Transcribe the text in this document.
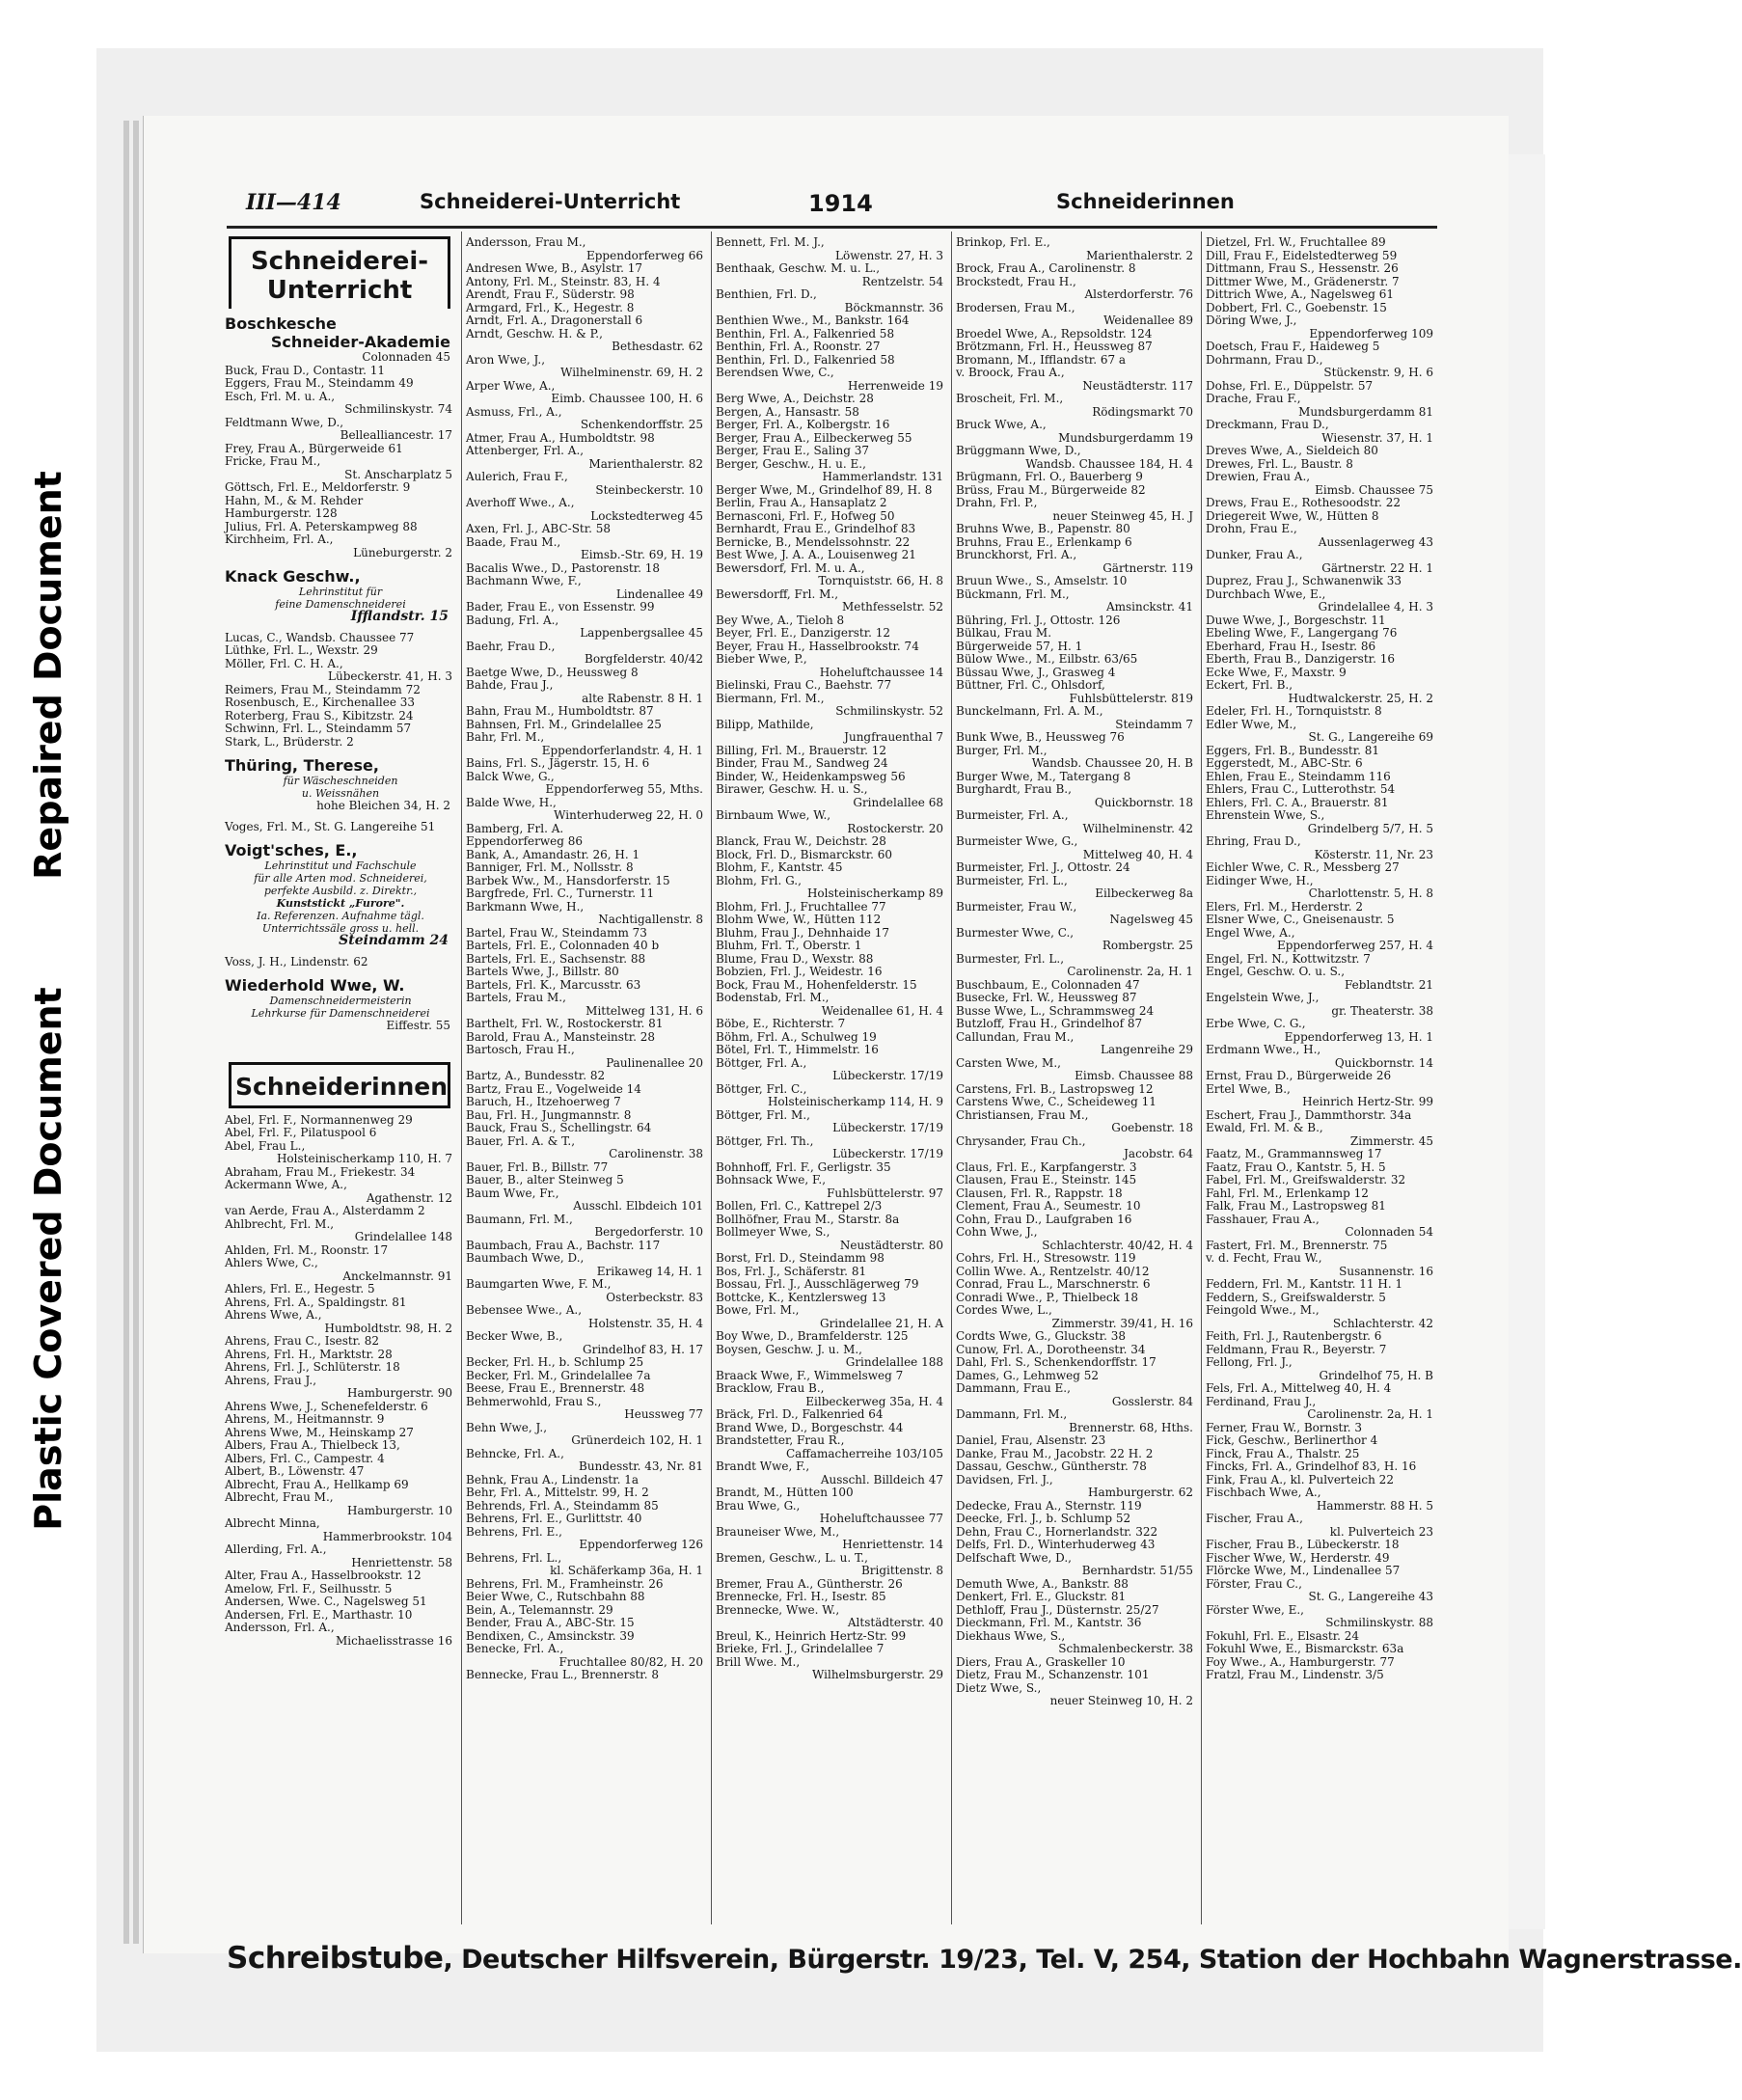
Repaired Document
Plastic Covered Document
III—414	Schneiderei-Unterricht	1914	Schneiderinnen
Schneiderei-
Unterricht
Boschkesche
Schneider-Akademie
Colonnaden 45
Buck, Frau D., Contastr. 11
Eggers, Frau M., Steindamm 49
Esch, Frl. M. u. A.,
Schmilinskystr. 74
Feldtmann Wwe, D.,
Bellealliancestr. 17
Frey, Frau A., Bürgerweide 61
Fricke, Frau M.,
St. Anscharplatz 5
Göttsch, Frl. E., Meldorferstr. 9
Hahn, M., & M. Rehder
Hamburgerstr. 128
Julius, Frl. A. Peterskampweg 88
Kirchheim, Frl. A.,
Lüneburgerstr. 2
Knack Geschw.,
Lehrinstitut für
feine Damenschneiderei
Ifflandstr. 15
Lucas, C., Wandsb. Chaussee 77
Lüthke, Frl. L., Wexstr. 29
Möller, Frl. C. H. A.,
Lübeckerstr. 41, H. 3
Reimers, Frau M., Steindamm 72
Rosenbusch, E., Kirchenallee 33
Roterberg, Frau S., Kibitzstr. 24
Schwinn, Frl. L., Steindamm 57
Stark, L., Brüderstr. 2
Thüring, Therese,
für Wäscheschneiden
u. Weissnähen
hohe Bleichen 34, H. 2
Voges, Frl. M., St. G. Langereihe 51
Voigt'sches, E.,
Lehrinstitut und Fachschule
für alle Arten mod. Schneiderei,
perfekte Ausbild. z. Direktr.,
Kunststickt „Furore".
Ia. Referenzen. Aufnahme tägl.
Unterrichtssäle gross u. hell.
Steindamm 24
Voss, J. H., Lindenstr. 62
Wiederhold Wwe, W.
Damenschneidermeisterin
Lehrkurse für Damenschneiderei
Eiffestr. 55
Schneiderinnen
Abel, Frl. F., Normannenweg 29
Abel, Frl. F., Pilatuspool 6
Abel, Frau L.,
Holsteinischerkamp 110, H. 7
Abraham, Frau M., Friekestr. 34
Ackermann Wwe, A.,
Agathenstr. 12
van Aerde, Frau A., Alsterdamm 2
Ahlbrecht, Frl. M.,
Grindelallee 148
Ahlden, Frl. M., Roonstr. 17
Ahlers Wwe, C.,
Anckelmannstr. 91
Ahlers, Frl. E., Hegestr. 5
Ahrens, Frl. A., Spaldingstr. 81
Ahrens Wwe, A.,
Humboldtstr. 98, H. 2
Ahrens, Frau C., Isestr. 82
Ahrens, Frl. H., Marktstr. 28
Ahrens, Frl. J., Schlüterstr. 18
Ahrens, Frau J.,
Hamburgerstr. 90
Ahrens Wwe, J., Schenefelderstr. 6
Ahrens, M., Heitmannstr. 9
Ahrens Wwe, M., Heinskamp 27
Albers, Frau A., Thielbeck 13,
Albers, Frl. C., Campestr. 4
Albert, B., Löwenstr. 47
Albrecht, Frau A., Hellkamp 69
Albrecht, Frau M.,
Hamburgerstr. 10
Albrecht Minna,
Hammerbrookstr. 104
Allerding, Frl. A.,
Henriettenstr. 58
Alter, Frau A., Hasselbrookstr. 12
Amelow, Frl. F., Seilhusstr. 5
Andersen, Wwe. C., Nagelsweg 51
Andersen, Frl. E., Marthastr. 10
Andersson, Frl. A.,
Michaelisstrasse 16
Andersson, Frau M.,
Eppendorferweg 66
Andresen Wwe, B., Asylstr. 17
Antony, Frl. M., Steinstr. 83, H. 4
Arendt, Frau F., Süderstr. 98
Armgard, Frl., K., Hegestr. 8
Arndt, Frl. A., Dragonerstall 6
Arndt, Geschw. H. & P.,
Bethesdastr. 62
Aron Wwe, J.,
Wilhelminenstr. 69, H. 2
Arper Wwe, A.,
Eimb. Chaussee 100, H. 6
Asmuss, Frl., A.,
Schenkendorffstr. 25
Atmer, Frau A., Humboldtstr. 98
Attenberger, Frl. A.,
Marienthalerstr. 82
Aulerich, Frau F.,
Steinbeckerstr. 10
Averhoff Wwe., A.,
Lockstedterweg 45
Axen, Frl. J., ABC-Str. 58
Baade, Frau M.,
Eimsb.-Str. 69, H. 19
Bacalis Wwe., D., Pastorenstr. 18
Bachmann Wwe, F.,
Lindenallee 49
Bader, Frau E., von Essenstr. 99
Badung, Frl. A.,
Lappenbergsallee 45
Baehr, Frau D.,
Borgfelderstr. 40/42
Baetge Wwe, D., Heussweg 8
Bahde, Frau J.,
alte Rabenstr. 8 H. 1
Bahn, Frau M., Humboldtstr. 87
Bahnsen, Frl. M., Grindelallee 25
Bahr, Frl. M.,
Eppendorferlandstr. 4, H. 1
Bains, Frl. S., Jägerstr. 15, H. 6
Balck Wwe, G.,
Eppendorferweg 55, Mths.
Balde Wwe, H.,
Winterhuderweg 22, H. 0
Bamberg, Frl. A.
Eppendorferweg 86
Bank, A., Amandastr. 26, H. 1
Banniger, Frl. M., Nollsstr. 8
Barbek Ww., M., Hansdorferstr. 15
Bargfrede, Frl. C., Turnerstr. 11
Barkmann Wwe, H.,
Nachtigallenstr. 8
Bartel, Frau W., Steindamm 73
Bartels, Frl. E., Colonnaden 40 b
Bartels, Frl. E., Sachsenstr. 88
Bartels Wwe, J., Billstr. 80
Bartels, Frl. K., Marcusstr. 63
Bartels, Frau M.,
Mittelweg 131, H. 6
Barthelt, Frl. W., Rostockerstr. 81
Barold, Frau A., Mansteinstr. 28
Bartosch, Frau H.,
Paulinenallee 20
Bartz, A., Bundesstr. 82
Bartz, Frau E., Vogelweide 14
Baruch, H., Itzehoerweg 7
Bau, Frl. H., Jungmannstr. 8
Bauck, Frau S., Schellingstr. 64
Bauer, Frl. A. & T.,
Carolinenstr. 38
Bauer, Frl. B., Billstr. 77
Bauer, B., alter Steinweg 5
Baum Wwe, Fr.,
Ausschl. Elbdeich 101
Baumann, Frl. M.,
Bergedorferstr. 10
Baumbach, Frau A., Bachstr. 117
Baumbach Wwe, D.,
Erikaweg 14, H. 1
Baumgarten Wwe, F. M.,
Osterbeckstr. 83
Bebensee Wwe., A.,
Holstenstr. 35, H. 4
Becker Wwe, B.,
Grindelhof 83, H. 17
Becker, Frl. H., b. Schlump 25
Becker, Frl. M., Grindelallee 7a
Beese, Frau E., Brennerstr. 48
Behmerwohld, Frau S.,
Heussweg 77
Behn Wwe, J.,
Grünerdeich 102, H. 1
Behncke, Frl. A.,
Bundesstr. 43, Nr. 81
Behnk, Frau A., Lindenstr. 1a
Behr, Frl. A., Mittelstr. 99, H. 2
Behrends, Frl. A., Steindamm 85
Behrens, Frl. E., Gurlittstr. 40
Behrens, Frl. E.,
Eppendorferweg 126
Behrens, Frl. L.,
kl. Schäferkamp 36a, H. 1
Behrens, Frl. M., Framheinstr. 26
Beier Wwe, C., Rutschbahn 88
Bein, A., Telemannstr. 29
Bender, Frau A., ABC-Str. 15
Bendixen, C., Amsinckstr. 39
Benecke, Frl. A.,
Fruchtallee 80/82, H. 20
Bennecke, Frau L., Brennerstr. 8
Bennett, Frl. M. J.,
Löwenstr. 27, H. 3
Benthaak, Geschw. M. u. L.,
Rentzelstr. 54
Benthien, Frl. D.,
Böckmannstr. 36
Benthien Wwe., M., Bankstr. 164
Benthin, Frl. A., Falkenried 58
Benthin, Frl. A., Roonstr. 27
Benthin, Frl. D., Falkenried 58
Berendsen Wwe, C.,
Herrenweide 19
Berg Wwe, A., Deichstr. 28
Bergen, A., Hansastr. 58
Berger, Frl. A., Kolbergstr. 16
Berger, Frau A., Eilbeckerweg 55
Berger, Frau E., Saling 37
Berger, Geschw., H. u. E.,
Hammerlandstr. 131
Berger Wwe, M., Grindelhof 89, H. 8
Berlin, Frau A., Hansaplatz 2
Bernasconi, Frl. F., Hofweg 50
Bernhardt, Frau E., Grindelhof 83
Bernicke, B., Mendelssohnstr. 22
Best Wwe, J. A. A., Louisenweg 21
Bewersdorf, Frl. M. u. A.,
Tornquiststr. 66, H. 8
Bewersdorff, Frl. M.,
Methfesselstr. 52
Bey Wwe, A., Tieloh 8
Beyer, Frl. E., Danzigerstr. 12
Beyer, Frau H., Hasselbrookstr. 74
Bieber Wwe, P.,
Hoheluftchaussee 14
Bielinski, Frau C., Baehstr. 77
Biermann, Frl. M.,
Schmilinskystr. 52
Bilipp, Mathilde,
Jungfrauenthal 7
Billing, Frl. M., Brauerstr. 12
Binder, Frau M., Sandweg 24
Binder, W., Heidenkampsweg 56
Birawer, Geschw. H. u. S.,
Grindelallee 68
Birnbaum Wwe, W.,
Rostockerstr. 20
Blanck, Frau W., Deichstr. 28
Block, Frl. D., Bismarckstr. 60
Blohm, F., Kantstr. 45
Blohm, Frl. G.,
Holsteinischerkamp 89
Blohm, Frl. J., Fruchtallee 77
Blohm Wwe, W., Hütten 112
Bluhm, Frau J., Dehnhaide 17
Bluhm, Frl. T., Oberstr. 1
Blume, Frau D., Wexstr. 88
Bobzien, Frl. J., Weidestr. 16
Bock, Frau M., Hohenfelderstr. 15
Bodenstab, Frl. M.,
Weidenallee 61, H. 4
Böbe, E., Richterstr. 7
Böhm, Frl. A., Schulweg 19
Bötel, Frl. T., Himmelstr. 16
Böttger, Frl. A.,
Lübeckerstr. 17/19
Böttger, Frl. C.,
Holsteinischerkamp 114, H. 9
Böttger, Frl. M.,
Lübeckerstr. 17/19
Böttger, Frl. Th.,
Lübeckerstr. 17/19
Bohnhoff, Frl. F., Gerligstr. 35
Bohnsack Wwe, F.,
Fuhlsbüttelerstr. 97
Bollen, Frl. C., Kattrepel 2/3
Bollhöfner, Frau M., Starstr. 8a
Bollmeyer Wwe, S.,
Neustädterstr. 80
Borst, Frl. D., Steindamm 98
Bos, Frl. J., Schäferstr. 81
Bossau, Frl. J., Ausschlägerweg 79
Bottcke, K., Kentzlersweg 13
Bowe, Frl. M.,
Grindelallee 21, H. A
Boy Wwe, D., Bramfelderstr. 125
Boysen, Geschw. J. u. M.,
Grindelallee 188
Braack Wwe, F., Wimmelsweg 7
Bracklow, Frau B.,
Eilbeckerweg 35a, H. 4
Bräck, Frl. D., Falkenried 64
Brand Wwe, D., Borgeschstr. 44
Brandstetter, Frau R.,
Caffamacherreihe 103/105
Brandt Wwe, F.,
Ausschl. Billdeich 47
Brandt, M., Hütten 100
Brau Wwe, G.,
Hoheluftchaussee 77
Brauneiser Wwe, M.,
Henriettenstr. 14
Bremen, Geschw., L. u. T.,
Brigittenstr. 8
Bremer, Frau A., Güntherstr. 26
Brennecke, Frl. H., Isestr. 85
Brennecke, Wwe. W.,
Altstädterstr. 40
Breul, K., Heinrich Hertz-Str. 99
Brieke, Frl. J., Grindelallee 7
Brill Wwe. M.,
Wilhelmsburgerstr. 29
Brinkop, Frl. E.,
Marienthalerstr. 2
Brock, Frau A., Carolinenstr. 8
Brockstedt, Frau H.,
Alsterdorferstr. 76
Brodersen, Frau M.,
Weidenallee 89
Broedel Wwe, A., Repsoldstr. 124
Brötzmann, Frl. H., Heussweg 87
Bromann, M., Ifflandstr. 67 a
v. Broock, Frau A.,
Neustädterstr. 117
Broscheit, Frl. M.,
Rödingsmarkt 70
Bruck Wwe, A.,
Mundsburgerdamm 19
Brüggmann Wwe, D.,
Wandsb. Chaussee 184, H. 4
Brügmann, Frl. O., Bauerberg 9
Brüss, Frau M., Bürgerweide 82
Drahn, Frl. P.,
neuer Steinweg 45, H. J
Bruhns Wwe, B., Papenstr. 80
Bruhns, Frau E., Erlenkamp 6
Brunckhorst, Frl. A.,
Gärtnerstr. 119
Bruun Wwe., S., Amselstr. 10
Bückmann, Frl. M.,
Amsinckstr. 41
Bühring, Frl. J., Ottostr. 126
Bülkau, Frau M.
Bürgerweide 57, H. 1
Bülow Wwe., M., Eilbstr. 63/65
Büssau Wwe, J., Grasweg 4
Büttner, Frl. C., Ohlsdorf,
Fuhlsbüttelerstr. 819
Bunckelmann, Frl. A. M.,
Steindamm 7
Bunk Wwe, B., Heussweg 76
Burger, Frl. M.,
Wandsb. Chaussee 20, H. B
Burger Wwe, M., Tatergang 8
Burghardt, Frau B.,
Quickbornstr. 18
Burmeister, Frl. A.,
Wilhelminenstr. 42
Burmeister Wwe, G.,
Mittelweg 40, H. 4
Burmeister, Frl. J., Ottostr. 24
Burmeister, Frl. L.,
Eilbeckerweg 8a
Burmeister, Frau W.,
Nagelsweg 45
Burmester Wwe, C.,
Rombergstr. 25
Burmester, Frl. L.,
Carolinenstr. 2a, H. 1
Buschbaum, E., Colonnaden 47
Busecke, Frl. W., Heussweg 87
Busse Wwe, L., Schrammsweg 24
Butzloff, Frau H., Grindelhof 87
Callundan, Frau M.,
Langenreihe 29
Carsten Wwe, M.,
Eimsb. Chaussee 88
Carstens, Frl. B., Lastropsweg 12
Carstens Wwe, C., Scheideweg 11
Christiansen, Frau M.,
Goebenstr. 18
Chrysander, Frau Ch.,
Jacobstr. 64
Claus, Frl. E., Karpfangerstr. 3
Clausen, Frau E., Steinstr. 145
Clausen, Frl. R., Rappstr. 18
Clement, Frau A., Seumestr. 10
Cohn, Frau D., Laufgraben 16
Cohn Wwe, J.,
Schlachterstr. 40/42, H. 4
Cohrs, Frl. H., Stresowstr. 119
Collin Wwe. A., Rentzelstr. 40/12
Conrad, Frau L., Marschnerstr. 6
Conradi Wwe., P., Thielbeck 18
Cordes Wwe, L.,
Zimmerstr. 39/41, H. 16
Cordts Wwe, G., Gluckstr. 38
Cunow, Frl. A., Dorotheenstr. 34
Dahl, Frl. S., Schenkendorffstr. 17
Dames, G., Lehmweg 52
Dammann, Frau E.,
Gosslerstr. 84
Dammann, Frl. M.,
Brennerstr. 68, Hths.
Daniel, Frau, Alsenstr. 23
Danke, Frau M., Jacobstr. 22 H. 2
Dassau, Geschw., Güntherstr. 78
Davidsen, Frl. J.,
Hamburgerstr. 62
Dedecke, Frau A., Sternstr. 119
Deecke, Frl. J., b. Schlump 52
Dehn, Frau C., Hornerlandstr. 322
Delfs, Frl. D., Winterhuderweg 43
Delfschaft Wwe, D.,
Bernhardstr. 51/55
Demuth Wwe, A., Bankstr. 88
Denkert, Frl. E., Gluckstr. 81
Dethloff, Frau J., Düsternstr. 25/27
Dieckmann, Frl. M., Kantstr. 36
Diekhaus Wwe, S.,
Schmalenbeckerstr. 38
Diers, Frau A., Graskeller 10
Dietz, Frau M., Schanzenstr. 101
Dietz Wwe, S.,
neuer Steinweg 10, H. 2
Dietzel, Frl. W., Fruchtallee 89
Dill, Frau F., Eidelstedterweg 59
Dittmann, Frau S., Hessenstr. 26
Dittmer Wwe, M., Grädenerstr. 7
Dittrich Wwe, A., Nagelsweg 61
Dobbert, Frl. C., Goebenstr. 15
Döring Wwe, J.,
Eppendorferweg 109
Doetsch, Frau F., Haideweg 5
Dohrmann, Frau D.,
Stückenstr. 9, H. 6
Dohse, Frl. E., Düppelstr. 57
Drache, Frau F.,
Mundsburgerdamm 81
Dreckmann, Frau D.,
Wiesenstr. 37, H. 1
Dreves Wwe, A., Sieldeich 80
Drewes, Frl. L., Baustr. 8
Drewien, Frau A.,
Eimsb. Chaussee 75
Drews, Frau E., Rothesoodstr. 22
Driegereit Wwe, W., Hütten 8
Drohn, Frau E.,
Aussenlagerweg 43
Dunker, Frau A.,
Gärtnerstr. 22 H. 1
Duprez, Frau J., Schwanenwik 33
Durchbach Wwe, E.,
Grindelallee 4, H. 3
Duwe Wwe, J., Borgeschstr. 11
Ebeling Wwe, F., Langergang 76
Eberhard, Frau H., Isestr. 86
Eberth, Frau B., Danzigerstr. 16
Ecke Wwe, F., Maxstr. 9
Eckert, Frl. B.,
Hudtwalckerstr. 25, H. 2
Edeler, Frl. H., Tornquiststr. 8
Edler Wwe, M.,
St. G., Langereihe 69
Eggers, Frl. B., Bundesstr. 81
Eggerstedt, M., ABC-Str. 6
Ehlen, Frau E., Steindamm 116
Ehlers, Frau C., Lutterothstr. 54
Ehlers, Frl. C. A., Brauerstr. 81
Ehrenstein Wwe, S.,
Grindelberg 5/7, H. 5
Ehring, Frau D.,
Kösterstr. 11, Nr. 23
Eichler Wwe, C. R., Messberg 27
Eidinger Wwe, H.,
Charlottenstr. 5, H. 8
Elers, Frl. M., Herderstr. 2
Elsner Wwe, C., Gneisenaustr. 5
Engel Wwe, A.,
Eppendorferweg 257, H. 4
Engel, Frl. N., Kottwitzstr. 7
Engel, Geschw. O. u. S.,
Feblandtstr. 21
Engelstein Wwe, J.,
gr. Theaterstr. 38
Erbe Wwe, C. G.,
Eppendorferweg 13, H. 1
Erdmann Wwe., H.,
Quickbornstr. 14
Ernst, Frau D., Bürgerweide 26
Ertel Wwe, B.,
Heinrich Hertz-Str. 99
Eschert, Frau J., Dammthorstr. 34a
Ewald, Frl. M. & B.,
Zimmerstr. 45
Faatz, M., Grammannsweg 17
Faatz, Frau O., Kantstr. 5, H. 5
Fabel, Frl. M., Greifswalderstr. 32
Fahl, Frl. M., Erlenkamp 12
Falk, Frau M., Lastropsweg 81
Fasshauer, Frau A.,
Colonnaden 54
Fastert, Frl. M., Brennerstr. 75
v. d. Fecht, Frau W.,
Susannenstr. 16
Feddern, Frl. M., Kantstr. 11 H. 1
Feddern, S., Greifswalderstr. 5
Feingold Wwe., M.,
Schlachterstr. 42
Feith, Frl. J., Rautenbergstr. 6
Feldmann, Frau R., Beyerstr. 7
Fellong, Frl. J.,
Grindelhof 75, H. B
Fels, Frl. A., Mittelweg 40, H. 4
Ferdinand, Frau J.,
Carolinenstr. 2a, H. 1
Ferner, Frau W., Bornstr. 3
Fick, Geschw., Berlinerthor 4
Finck, Frau A., Thalstr. 25
Fincks, Frl. A., Grindelhof 83, H. 16
Fink, Frau A., kl. Pulverteich 22
Fischbach Wwe, A.,
Hammerstr. 88 H. 5
Fischer, Frau A.,
kl. Pulverteich 23
Fischer, Frau B., Lübeckerstr. 18
Fischer Wwe, W., Herderstr. 49
Flörcke Wwe, M., Lindenallee 57
Förster, Frau C.,
St. G., Langereihe 43
Förster Wwe, E.,
Schmilinskystr. 88
Fokuhl, Frl. E., Elsastr. 24
Fokuhl Wwe, E., Bismarckstr. 63a
Foy Wwe., A., Hamburgerstr. 77
Fratzl, Frau M., Lindenstr. 3/5
Schreibstube, Deutscher Hilfsverein, Bürgerstr. 19/23, Tel. V, 254, Station der Hochbahn Wagnerstrasse.
